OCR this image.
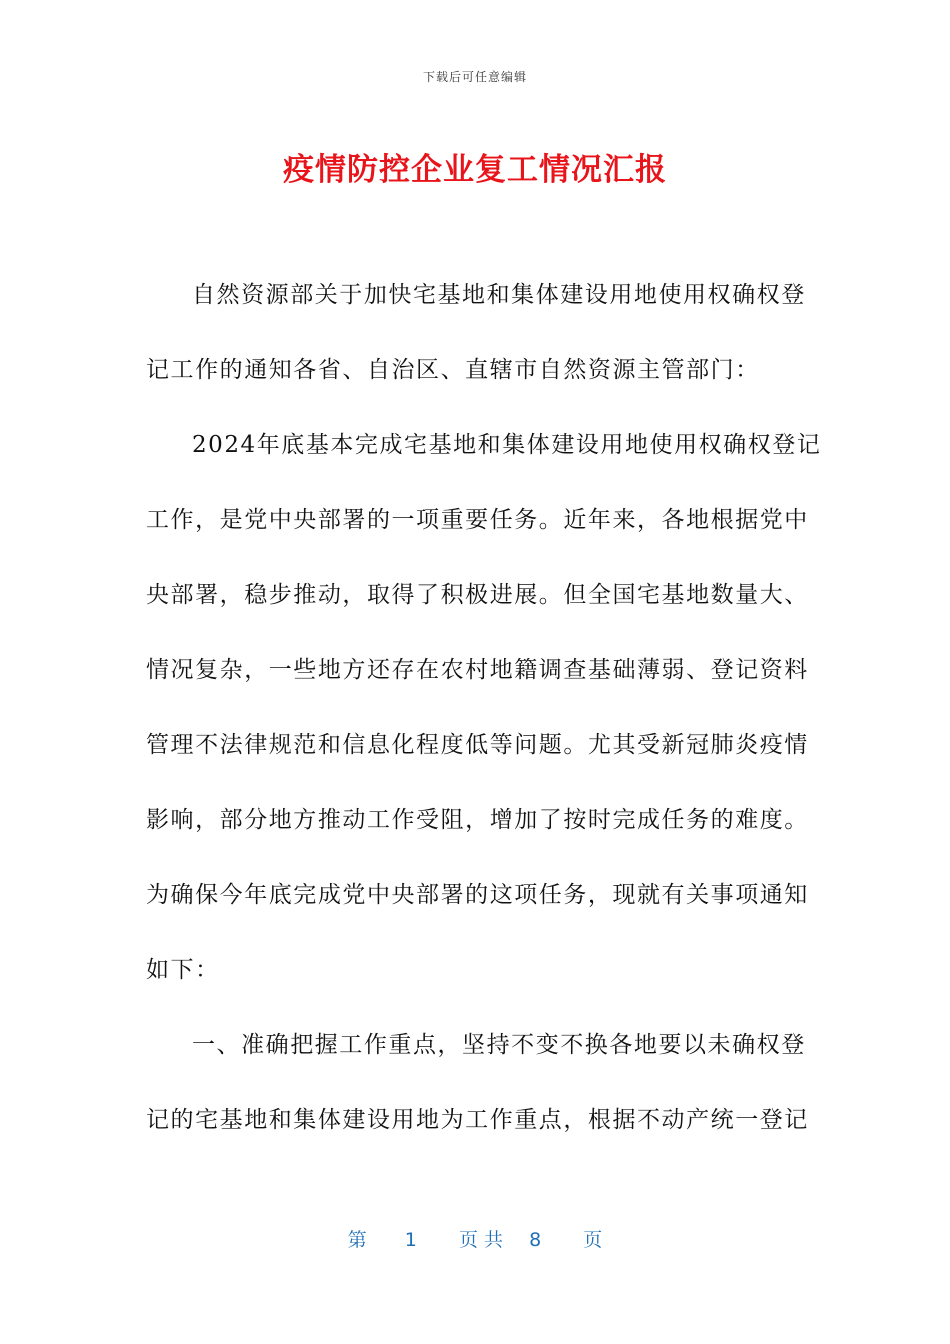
下载后可任意编辑
疫情防控企业复工情况汇报
自然资源部关于加快宅基地和集体建设用地使用权确权登
记工作的通知各省、自治区、直辖市自然资源主管部门：
2024年底基本完成宅基地和集体建设用地使用权确权登记
工作，是党中央部署的一项重要任务。近年来，各地根据党中
央部署，稳步推动，取得了积极进展。但全国宅基地数量大、
情况复杂，一些地方还存在农村地籍调查基础薄弱、登记资料
管理不法律规范和信息化程度低等问题。尤其受新冠肺炎疫情
影响，部分地方推动工作受阻，增加了按时完成任务的难度。
为确保今年底完成党中央部署的这项任务，现就有关事项通知
如下：
一、准确把握工作重点，坚持不变不换各地要以未确权登
记的宅基地和集体建设用地为工作重点，根据不动产统一登记
第 1 页 共 8 页
